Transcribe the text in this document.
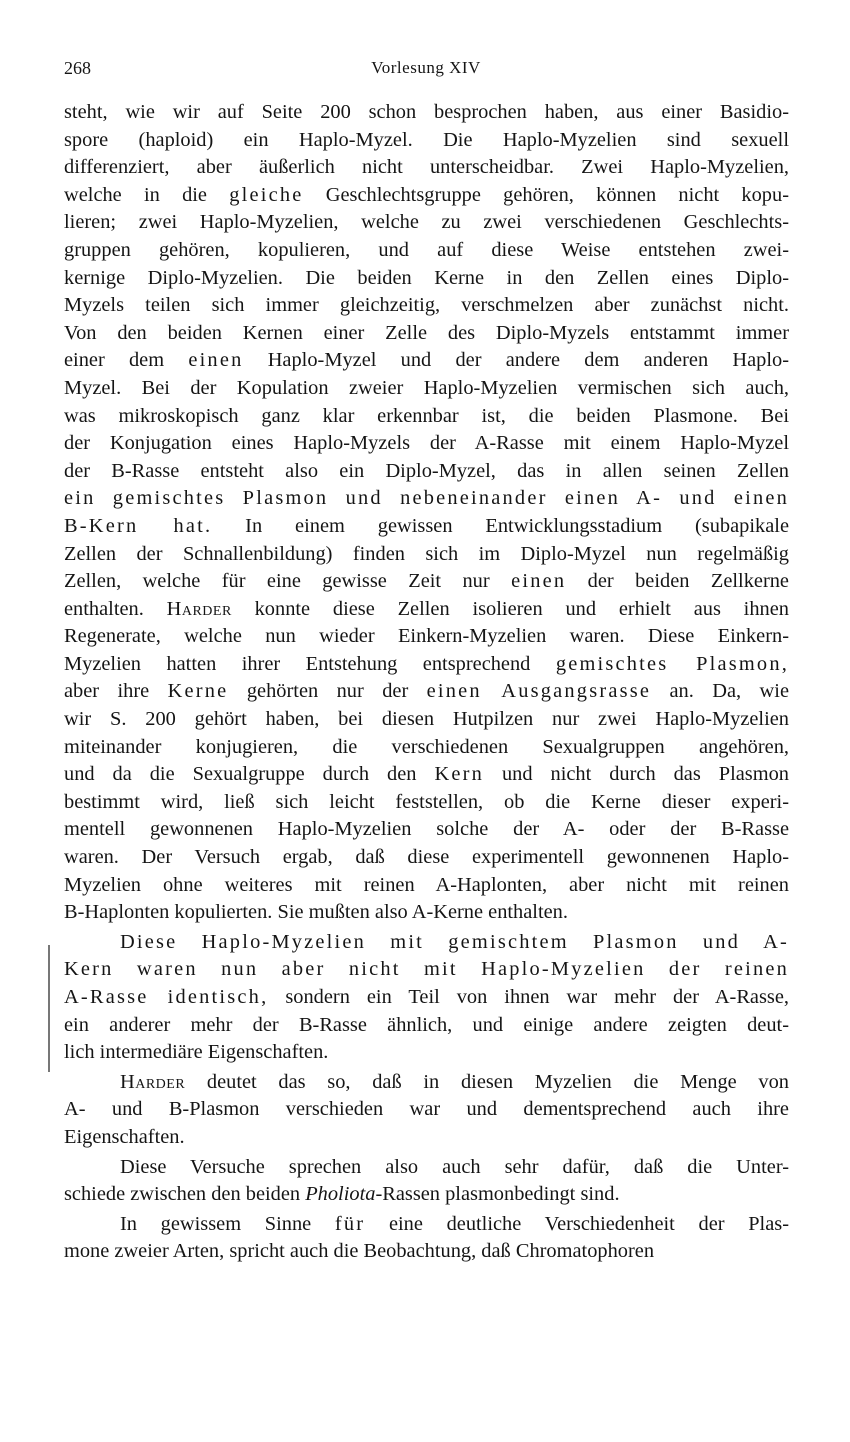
268	Vorlesung XIV

steht, wie wir auf Seite 200 schon besprochen haben, aus einer Basidio-
spore (haploid) ein Haplo-Myzel. Die Haplo-Myzelien sind sexuell
differenziert, aber äußerlich nicht unterscheidbar. Zwei Haplo-Myzelien,
welche in die gleiche Geschlechtsgruppe gehören, können nicht kopu-
lieren; zwei Haplo-Myzelien, welche zu zwei verschiedenen Geschlechts-
gruppen gehören, kopulieren, und auf diese Weise entstehen zwei-
kernige Diplo-Myzelien. Die beiden Kerne in den Zellen eines Diplo-
Myzels teilen sich immer gleichzeitig, verschmelzen aber zunächst nicht.
Von den beiden Kernen einer Zelle des Diplo-Myzels entstammt immer
einer dem einen Haplo-Myzel und der andere dem anderen Haplo-
Myzel. Bei der Kopulation zweier Haplo-Myzelien vermischen sich auch,
was mikroskopisch ganz klar erkennbar ist, die beiden Plasmone. Bei
der Konjugation eines Haplo-Myzels der A-Rasse mit einem Haplo-Myzel
der B-Rasse entsteht also ein Diplo-Myzel, das in allen seinen Zellen
ein gemischtes Plasmon und nebeneinander einen A- und einen
B-Kern hat. In einem gewissen Entwicklungsstadium (subapikale
Zellen der Schnallenbildung) finden sich im Diplo-Myzel nun regelmäßig
Zellen, welche für eine gewisse Zeit nur einen der beiden Zellkerne
enthalten. Harder konnte diese Zellen isolieren und erhielt aus ihnen
Regenerate, welche nun wieder Einkern-Myzelien waren. Diese Einkern-
Myzelien hatten ihrer Entstehung entsprechend gemischtes Plasmon,
aber ihre Kerne gehörten nur der einen Ausgangsrasse an. Da, wie
wir S. 200 gehört haben, bei diesen Hutpilzen nur zwei Haplo-Myzelien
miteinander konjugieren, die verschiedenen Sexualgruppen angehören,
und da die Sexualgruppe durch den Kern und nicht durch das Plasmon
bestimmt wird, ließ sich leicht feststellen, ob die Kerne dieser experi-
mentell gewonnenen Haplo-Myzelien solche der A- oder der B-Rasse
waren. Der Versuch ergab, daß diese experimentell gewonnenen Haplo-
Myzelien ohne weiteres mit reinen A-Haplonten, aber nicht mit reinen
B-Haplonten kopulierten. Sie mußten also A-Kerne enthalten.

Diese Haplo-Myzelien mit gemischtem Plasmon und A-
Kern waren nun aber nicht mit Haplo-Myzelien der reinen
A-Rasse identisch, sondern ein Teil von ihnen war mehr der A-Rasse,
ein anderer mehr der B-Rasse ähnlich, und einige andere zeigten deut-
lich intermediäre Eigenschaften.

Harder deutet das so, daß in diesen Myzelien die Menge von
A- und B-Plasmon verschieden war und dementsprechend auch ihre
Eigenschaften.

Diese Versuche sprechen also auch sehr dafür, daß die Unter-
schiede zwischen den beiden Pholiota-Rassen plasmonbedingt sind.

In gewissem Sinne für eine deutliche Verschiedenheit der Plas-
mone zweier Arten, spricht auch die Beobachtung, daß Chromatophoren
